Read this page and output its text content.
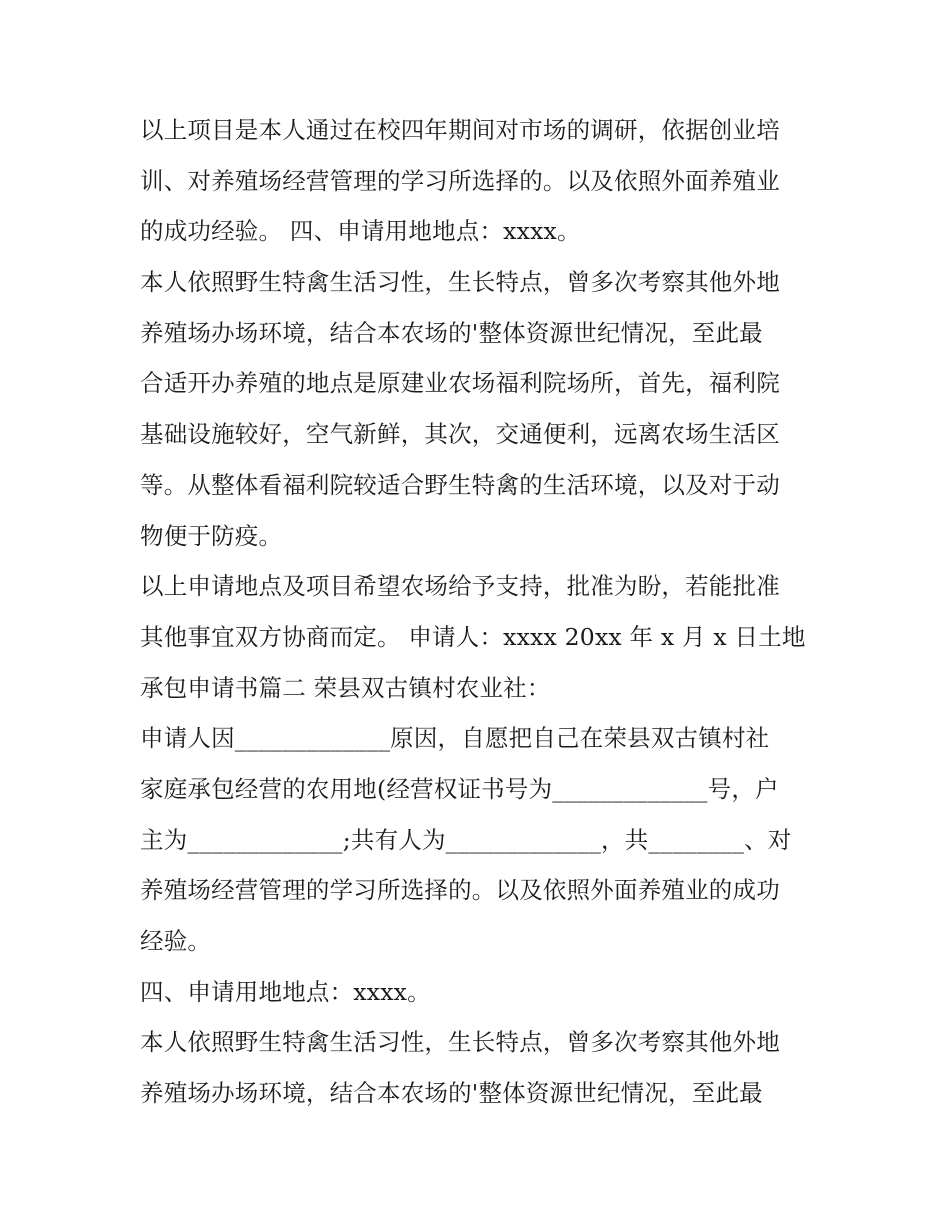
以上项目是本人通过在校四年期间对市场的调研，依据创业培
训、对养殖场经营管理的学习所选择的。以及依照外面养殖业
的成功经验。 四、申请用地地点：xxxx。
本人依照野生特禽生活习性，生长特点，曾多次考察其他外地
养殖场办场环境，结合本农场的'整体资源世纪情况，至此最
合适开办养殖的地点是原建业农场福利院场所，首先，福利院
基础设施较好，空气新鲜，其次，交通便利，远离农场生活区
等。从整体看福利院较适合野生特禽的生活环境，以及对于动
物便于防疫。
以上申请地点及项目希望农场给予支持，批准为盼，若能批准
其他事宜双方协商而定。 申请人：xxxx 20xx 年 x 月 x 日土地
承包申请书篇二 荣县双古镇村农业社：
申请人因_____________原因，自愿把自己在荣县双古镇村社
家庭承包经营的农用地(经营权证书号为_____________号，户
主为_____________;共有人为_____________，共________、对
养殖场经营管理的学习所选择的。以及依照外面养殖业的成功
经验。
四、申请用地地点：xxxx。
本人依照野生特禽生活习性，生长特点，曾多次考察其他外地
养殖场办场环境，结合本农场的'整体资源世纪情况，至此最
